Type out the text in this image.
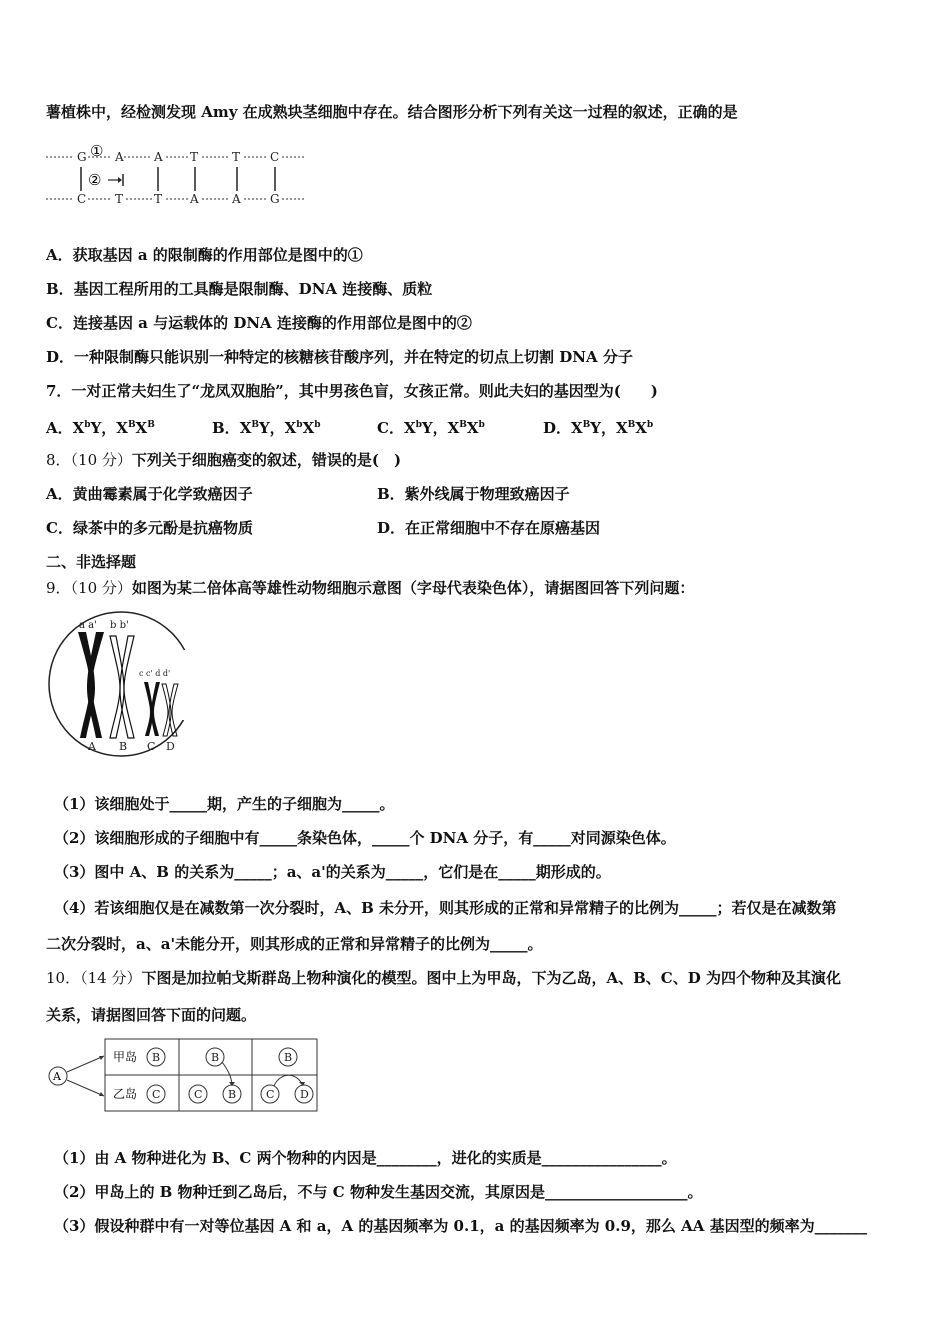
薯植株中，经检测发现 Amy 在成熟块茎细胞中存在。结合图形分析下列有关这一过程的叙述，正确的是
G A	A T	T C
C T	T A	A G
①
②
A．获取基因 a 的限制酶的作用部位是图中的①
B．基因工程所用的工具酶是限制酶、DNA 连接酶、质粒
C．连接基因 a 与运载体的 DNA 连接酶的作用部位是图中的②
D．一种限制酶只能识别一种特定的核糖核苷酸序列，并在特定的切点上切割 DNA 分子
7．一对正常夫妇生了“龙凤双胞胎”，其中男孩色盲，女孩正常。则此夫妇的基因型为(　　)
A．$X^bY$，$X^BX^B$	B．$X^BY$，$X^bX^b$	C．$X^bY$，$X^BX^b$	D．$X^BY$，$X^BX^b$
8．（10 分）下列关于细胞癌变的叙述，错误的是(　)
A．黄曲霉素属于化学致癌因子	B．紫外线属于物理致癌因子
C．绿茶中的多元酚是抗癌物质	D．在正常细胞中不存在原癌基因
二、非选择题
9．（10 分）如图为某二倍体高等雄性动物细胞示意图（字母代表染色体），请据图回答下列问题：
a a' b b'
c c' d d'
A B C D
（1）该细胞处于_____期，产生的子细胞为_____。
（2）该细胞形成的子细胞中有_____条染色体，_____个 DNA 分子，有_____对同源染色体。
（3）图中 A、B 的关系为_____；a、a'的关系为_____，它们是在_____期形成的。
（4）若该细胞仅是在减数第一次分裂时，A、B 未分开，则其形成的正常和异常精子的比例为_____；若仅是在减数第
二次分裂时，a、a'未能分开，则其形成的正常和异常精子的比例为_____。
10．（14 分）下图是加拉帕戈斯群岛上物种演化的模型。图中上为甲岛，下为乙岛，A、B、C、D 为四个物种及其演化
关系，请据图回答下面的问题。
A
甲岛
乙岛
B	B	B
C	C B	C D
（1）由 A 物种进化为 B、C 两个物种的内因是________，进化的实质是________________。
（2）甲岛上的 B 物种迁到乙岛后，不与 C 物种发生基因交流，其原因是___________________。
（3）假设种群中有一对等位基因 A 和 a，A 的基因频率为 0.1，a 的基因频率为 0.9，那么 AA 基因型的频率为_______
